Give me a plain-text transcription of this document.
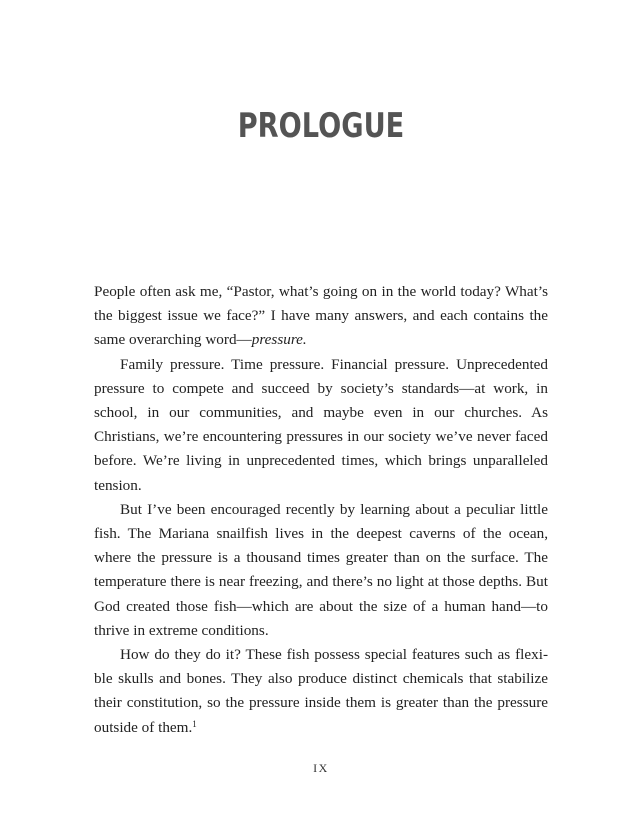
PROLOGUE

People often ask me, “Pastor, what’s going on in the world today? What’s the biggest issue we face?” I have many answers, and each contains the same overarching word—pressure.

Family pressure. Time pressure. Financial pressure. Unprecedented pressure to compete and succeed by society’s standards—at work, in school, in our communities, and maybe even in our churches. As Christians, we’re encountering pressures in our society we’ve never faced before. We’re living in unprecedented times, which brings unparalleled tension.

But I’ve been encouraged recently by learning about a peculiar little fish. The Mariana snailfish lives in the deepest caverns of the ocean, where the pressure is a thousand times greater than on the surface. The temperature there is near freezing, and there’s no light at those depths. But God created those fish—which are about the size of a human hand—to thrive in extreme conditions.

How do they do it? These fish possess special features such as flexible skulls and bones. They also produce distinct chemicals that stabilize their constitution, so the pressure inside them is greater than the pressure outside of them.$^1$

IX
